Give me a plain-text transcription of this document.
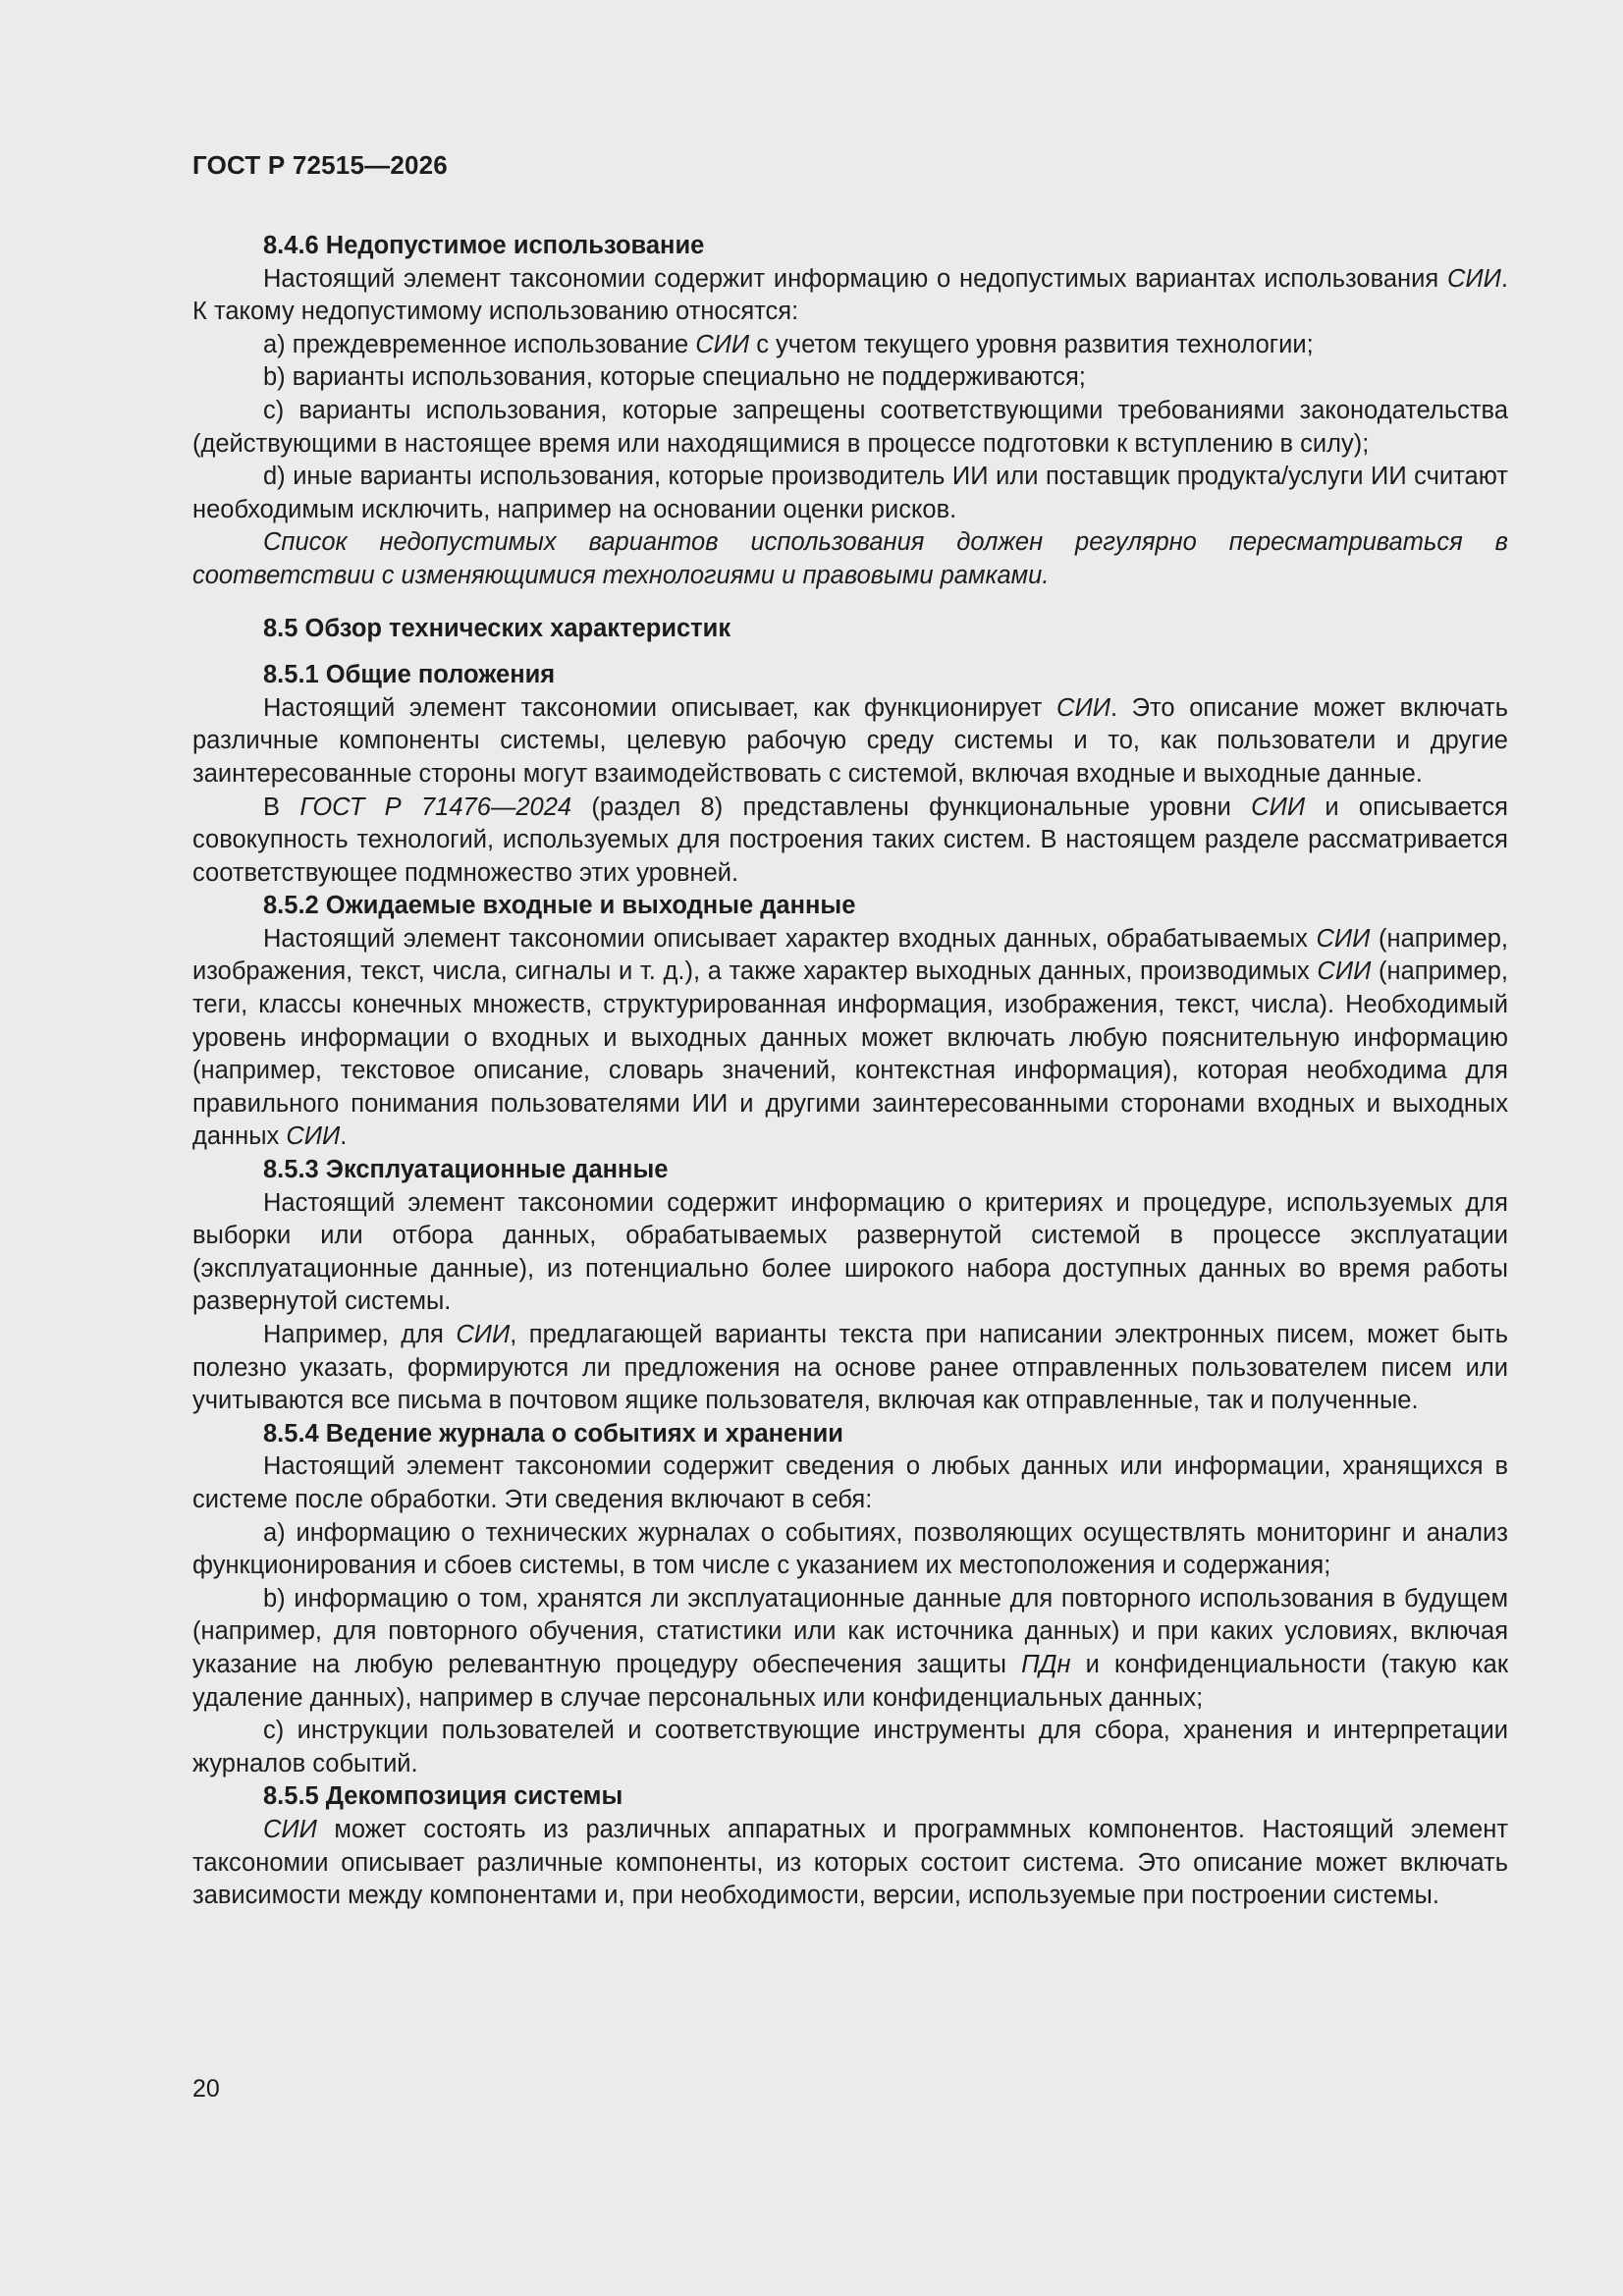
ГОСТ Р 72515—2026

8.4.6 Недопустимое использование

Настоящий элемент таксономии содержит информацию о недопустимых вариантах использования СИИ. К такому недопустимому использованию относятся:

a) преждевременное использование СИИ с учетом текущего уровня развития технологии;

b) варианты использования, которые специально не поддерживаются;

c) варианты использования, которые запрещены соответствующими требованиями законодательства (действующими в настоящее время или находящимися в процессе подготовки к вступлению в силу);

d) иные варианты использования, которые производитель ИИ или поставщик продукта/услуги ИИ считают необходимым исключить, например на основании оценки рисков.

Список недопустимых вариантов использования должен регулярно пересматриваться в соответствии с изменяющимися технологиями и правовыми рамками.

8.5 Обзор технических характеристик

8.5.1 Общие положения

Настоящий элемент таксономии описывает, как функционирует СИИ. Это описание может включать различные компоненты системы, целевую рабочую среду системы и то, как пользователи и другие заинтересованные стороны могут взаимодействовать с системой, включая входные и выходные данные.

В ГОСТ Р 71476—2024 (раздел 8) представлены функциональные уровни СИИ и описывается совокупность технологий, используемых для построения таких систем. В настоящем разделе рассматривается соответствующее подмножество этих уровней.

8.5.2 Ожидаемые входные и выходные данные

Настоящий элемент таксономии описывает характер входных данных, обрабатываемых СИИ (например, изображения, текст, числа, сигналы и т. д.), а также характер выходных данных, производимых СИИ (например, теги, классы конечных множеств, структурированная информация, изображения, текст, числа). Необходимый уровень информации о входных и выходных данных может включать любую пояснительную информацию (например, текстовое описание, словарь значений, контекстная информация), которая необходима для правильного понимания пользователями ИИ и другими заинтересованными сторонами входных и выходных данных СИИ.

8.5.3 Эксплуатационные данные

Настоящий элемент таксономии содержит информацию о критериях и процедуре, используемых для выборки или отбора данных, обрабатываемых развернутой системой в процессе эксплуатации (эксплуатационные данные), из потенциально более широкого набора доступных данных во время работы развернутой системы.

Например, для СИИ, предлагающей варианты текста при написании электронных писем, может быть полезно указать, формируются ли предложения на основе ранее отправленных пользователем писем или учитываются все письма в почтовом ящике пользователя, включая как отправленные, так и полученные.

8.5.4 Ведение журнала о событиях и хранении

Настоящий элемент таксономии содержит сведения о любых данных или информации, хранящихся в системе после обработки. Эти сведения включают в себя:

a) информацию о технических журналах о событиях, позволяющих осуществлять мониторинг и анализ функционирования и сбоев системы, в том числе с указанием их местоположения и содержания;

b) информацию о том, хранятся ли эксплуатационные данные для повторного использования в будущем (например, для повторного обучения, статистики или как источника данных) и при каких условиях, включая указание на любую релевантную процедуру обеспечения защиты ПДн и конфиденциальности (такую как удаление данных), например в случае персональных или конфиденциальных данных;

c) инструкции пользователей и соответствующие инструменты для сбора, хранения и интерпретации журналов событий.

8.5.5 Декомпозиция системы

СИИ может состоять из различных аппаратных и программных компонентов. Настоящий элемент таксономии описывает различные компоненты, из которых состоит система. Это описание может включать зависимости между компонентами и, при необходимости, версии, используемые при построении системы.

20
